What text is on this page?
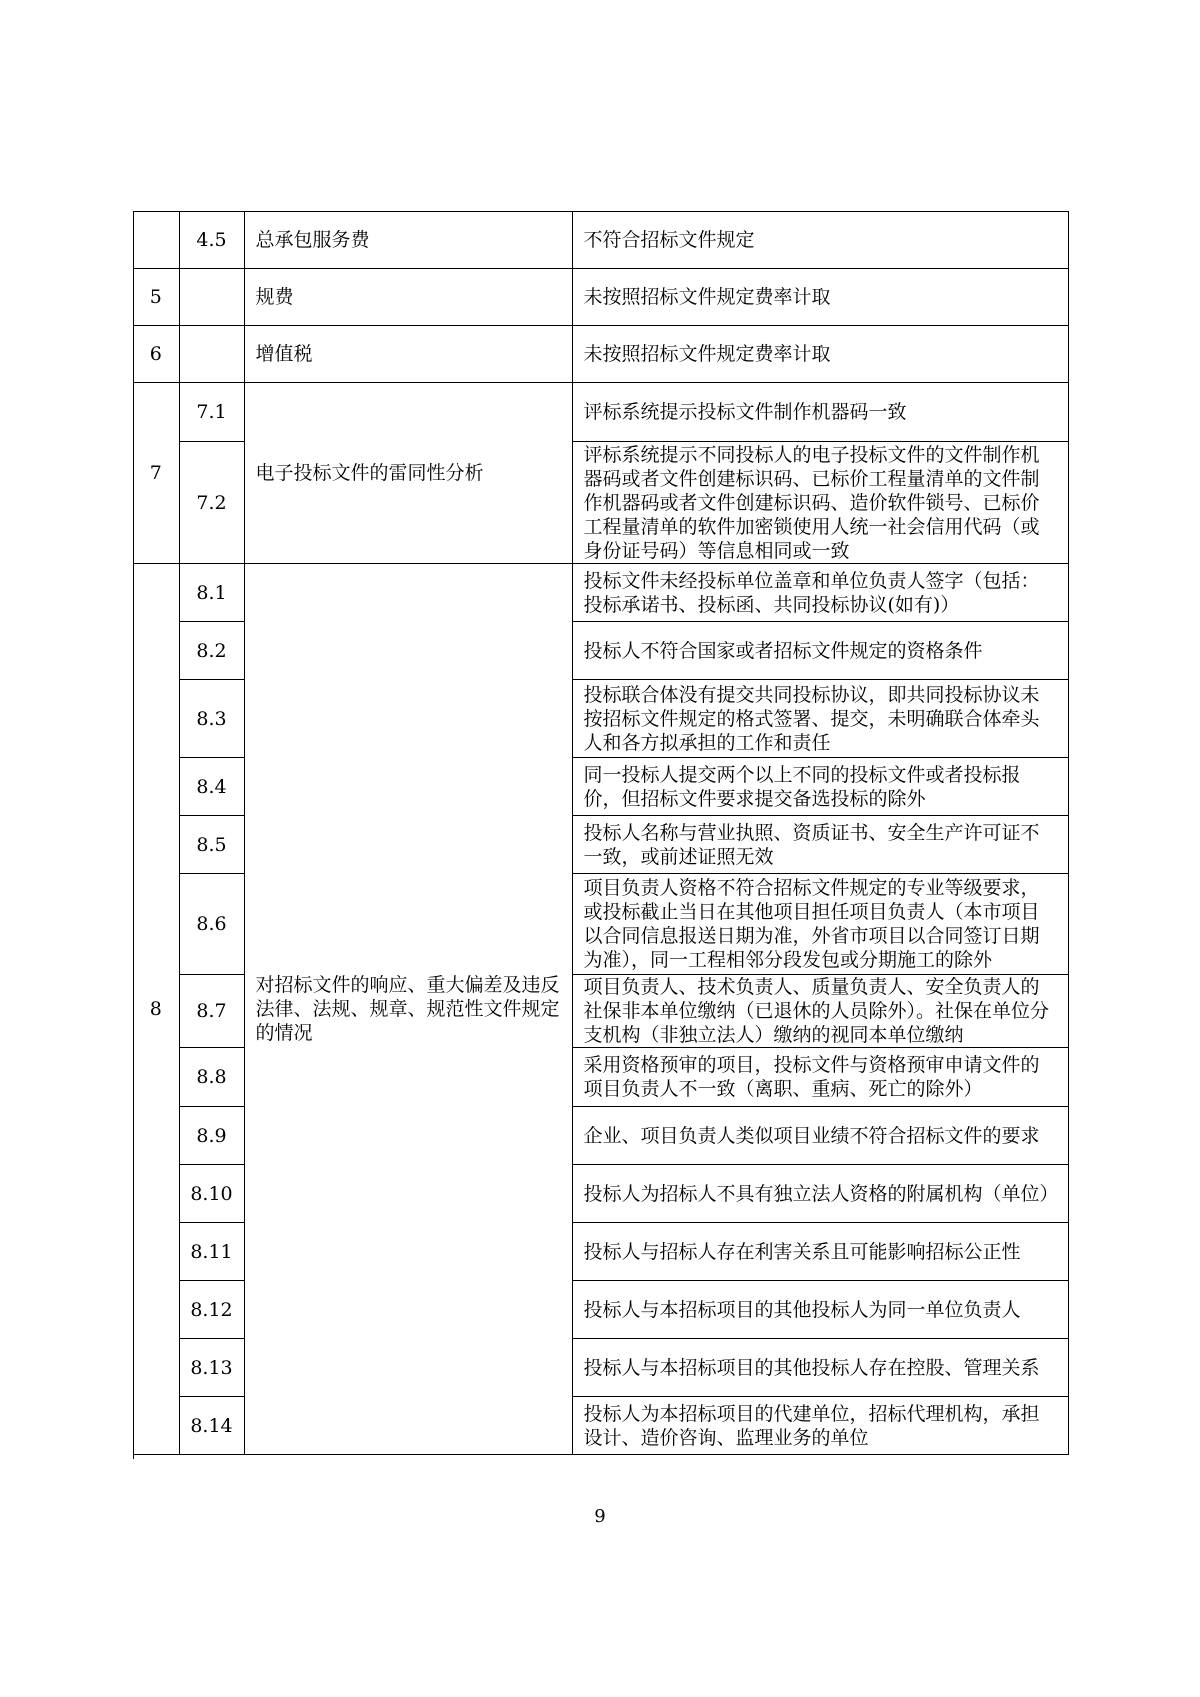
	4.5	总承包服务费	不符合招标文件规定
5		规费	未按照招标文件规定费率计取
6		增值税	未按照招标文件规定费率计取
7	7.1	电子投标文件的雷同性分析	评标系统提示投标文件制作机器码一致
	7.2		评标系统提示不同投标人的电子投标文件的文件制作机器码或者文件创建标识码、已标价工程量清单的文件制作机器码或者文件创建标识码、造价软件锁号、已标价工程量清单的软件加密锁使用人统一社会信用代码（或身份证号码）等信息相同或一致
8	8.1	对招标文件的响应、重大偏差及违反法律、法规、规章、规范性文件规定的情况	投标文件未经投标单位盖章和单位负责人签字（包括：投标承诺书、投标函、共同投标协议(如有)）
	8.2		投标人不符合国家或者招标文件规定的资格条件
	8.3		投标联合体没有提交共同投标协议，即共同投标协议未按招标文件规定的格式签署、提交，未明确联合体牵头人和各方拟承担的工作和责任
	8.4		同一投标人提交两个以上不同的投标文件或者投标报价，但招标文件要求提交备选投标的除外
	8.5		投标人名称与营业执照、资质证书、安全生产许可证不一致，或前述证照无效
	8.6		项目负责人资格不符合招标文件规定的专业等级要求，或投标截止当日在其他项目担任项目负责人（本市项目以合同信息报送日期为准，外省市项目以合同签订日期为准），同一工程相邻分段发包或分期施工的除外
	8.7		项目负责人、技术负责人、质量负责人、安全负责人的社保非本单位缴纳（已退休的人员除外）。社保在单位分支机构（非独立法人）缴纳的视同本单位缴纳
	8.8		采用资格预审的项目，投标文件与资格预审申请文件的项目负责人不一致（离职、重病、死亡的除外）
	8.9		企业、项目负责人类似项目业绩不符合招标文件的要求
	8.10		投标人为招标人不具有独立法人资格的附属机构（单位）
	8.11		投标人与招标人存在利害关系且可能影响招标公正性
	8.12		投标人与本招标项目的其他投标人为同一单位负责人
	8.13		投标人与本招标项目的其他投标人存在控股、管理关系
	8.14		投标人为本招标项目的代建单位，招标代理机构，承担设计、造价咨询、监理业务的单位
9
